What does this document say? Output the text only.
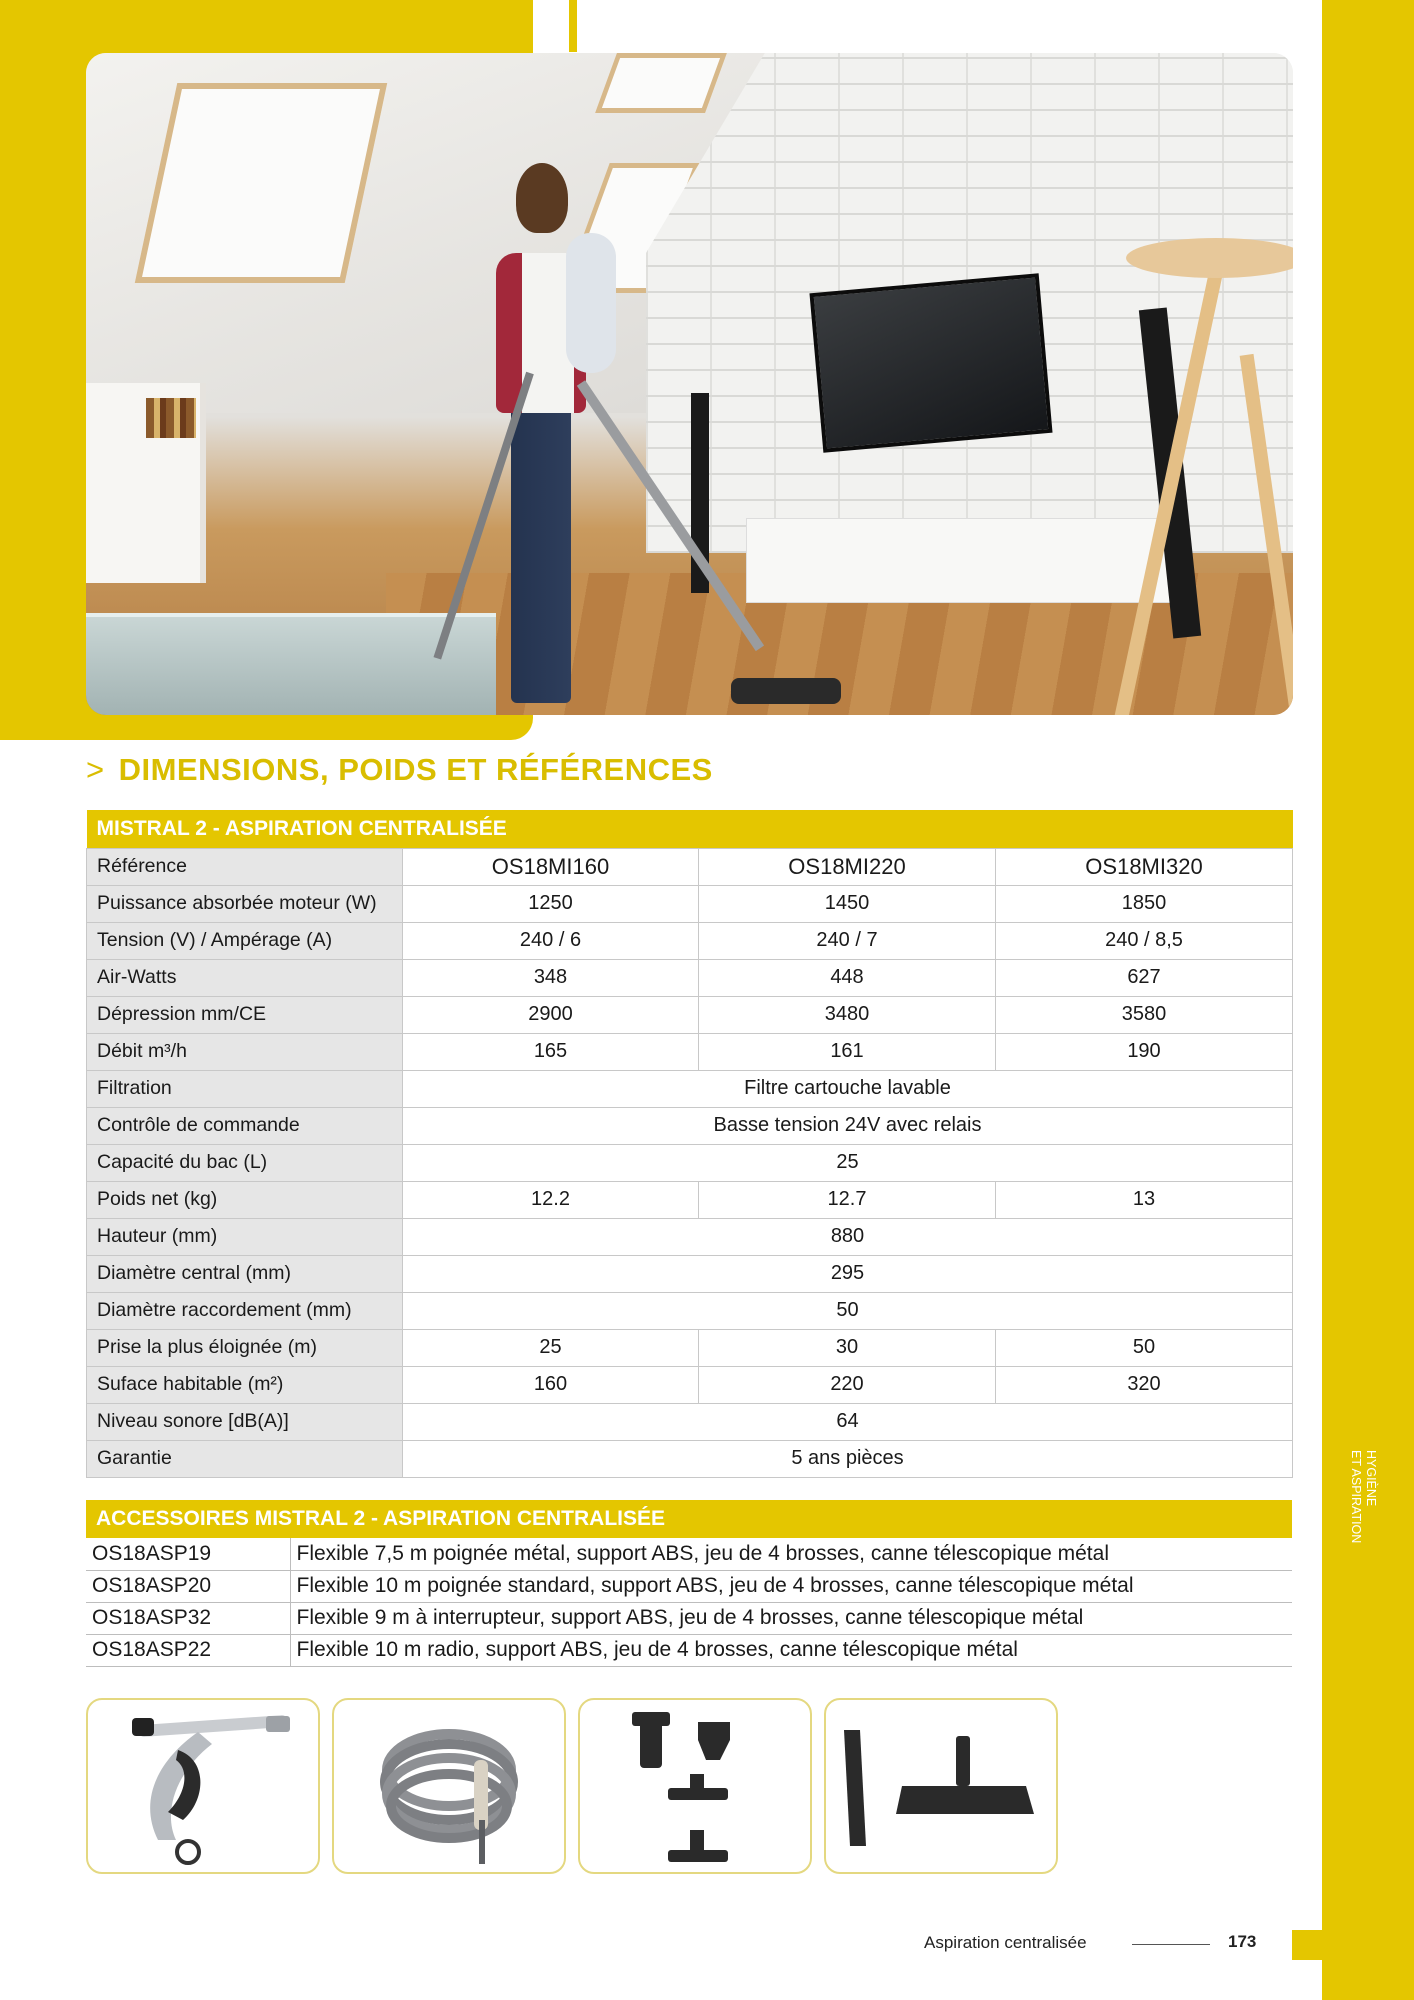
> DIMENSIONS, POIDS ET RÉFÉRENCES
MISTRAL 2 - ASPIRATION CENTRALISÉE			
Référence	OS18MI160	OS18MI220	OS18MI320
Puissance absorbée moteur (W)	1250	1450	1850
Tension (V) / Ampérage (A)	240 / 6	240 / 7	240 / 8,5
Air-Watts	348	448	627
Dépression mm/CE	2900	3480	3580
Débit m³/h	165	161	190
Filtration	Filtre cartouche lavable		
Contrôle de commande	Basse tension 24V avec relais		
Capacité du bac (L)	25		
Poids net (kg)	12.2	12.7	13
Hauteur (mm)	880		
Diamètre central (mm)	295		
Diamètre raccordement (mm)	50		
Prise la plus éloignée (m)	25	30	50
Suface habitable (m²)	160	220	320
Niveau sonore [dB(A)]	64		
Garantie	5 ans pièces		
ACCESSOIRES MISTRAL 2 - ASPIRATION CENTRALISÉE	
OS18ASP19	Flexible 7,5 m poignée métal, support ABS, jeu de 4 brosses, canne télescopique métal
OS18ASP20	Flexible 10 m poignée standard, support ABS, jeu de 4 brosses, canne télescopique métal
OS18ASP32	Flexible 9 m à interrupteur, support ABS, jeu de 4 brosses, canne télescopique métal
OS18ASP22	Flexible 10 m radio, support ABS, jeu de 4 brosses, canne télescopique métal
HYGIÈNE
ET ASPIRATION
Aspiration centralisée	173
